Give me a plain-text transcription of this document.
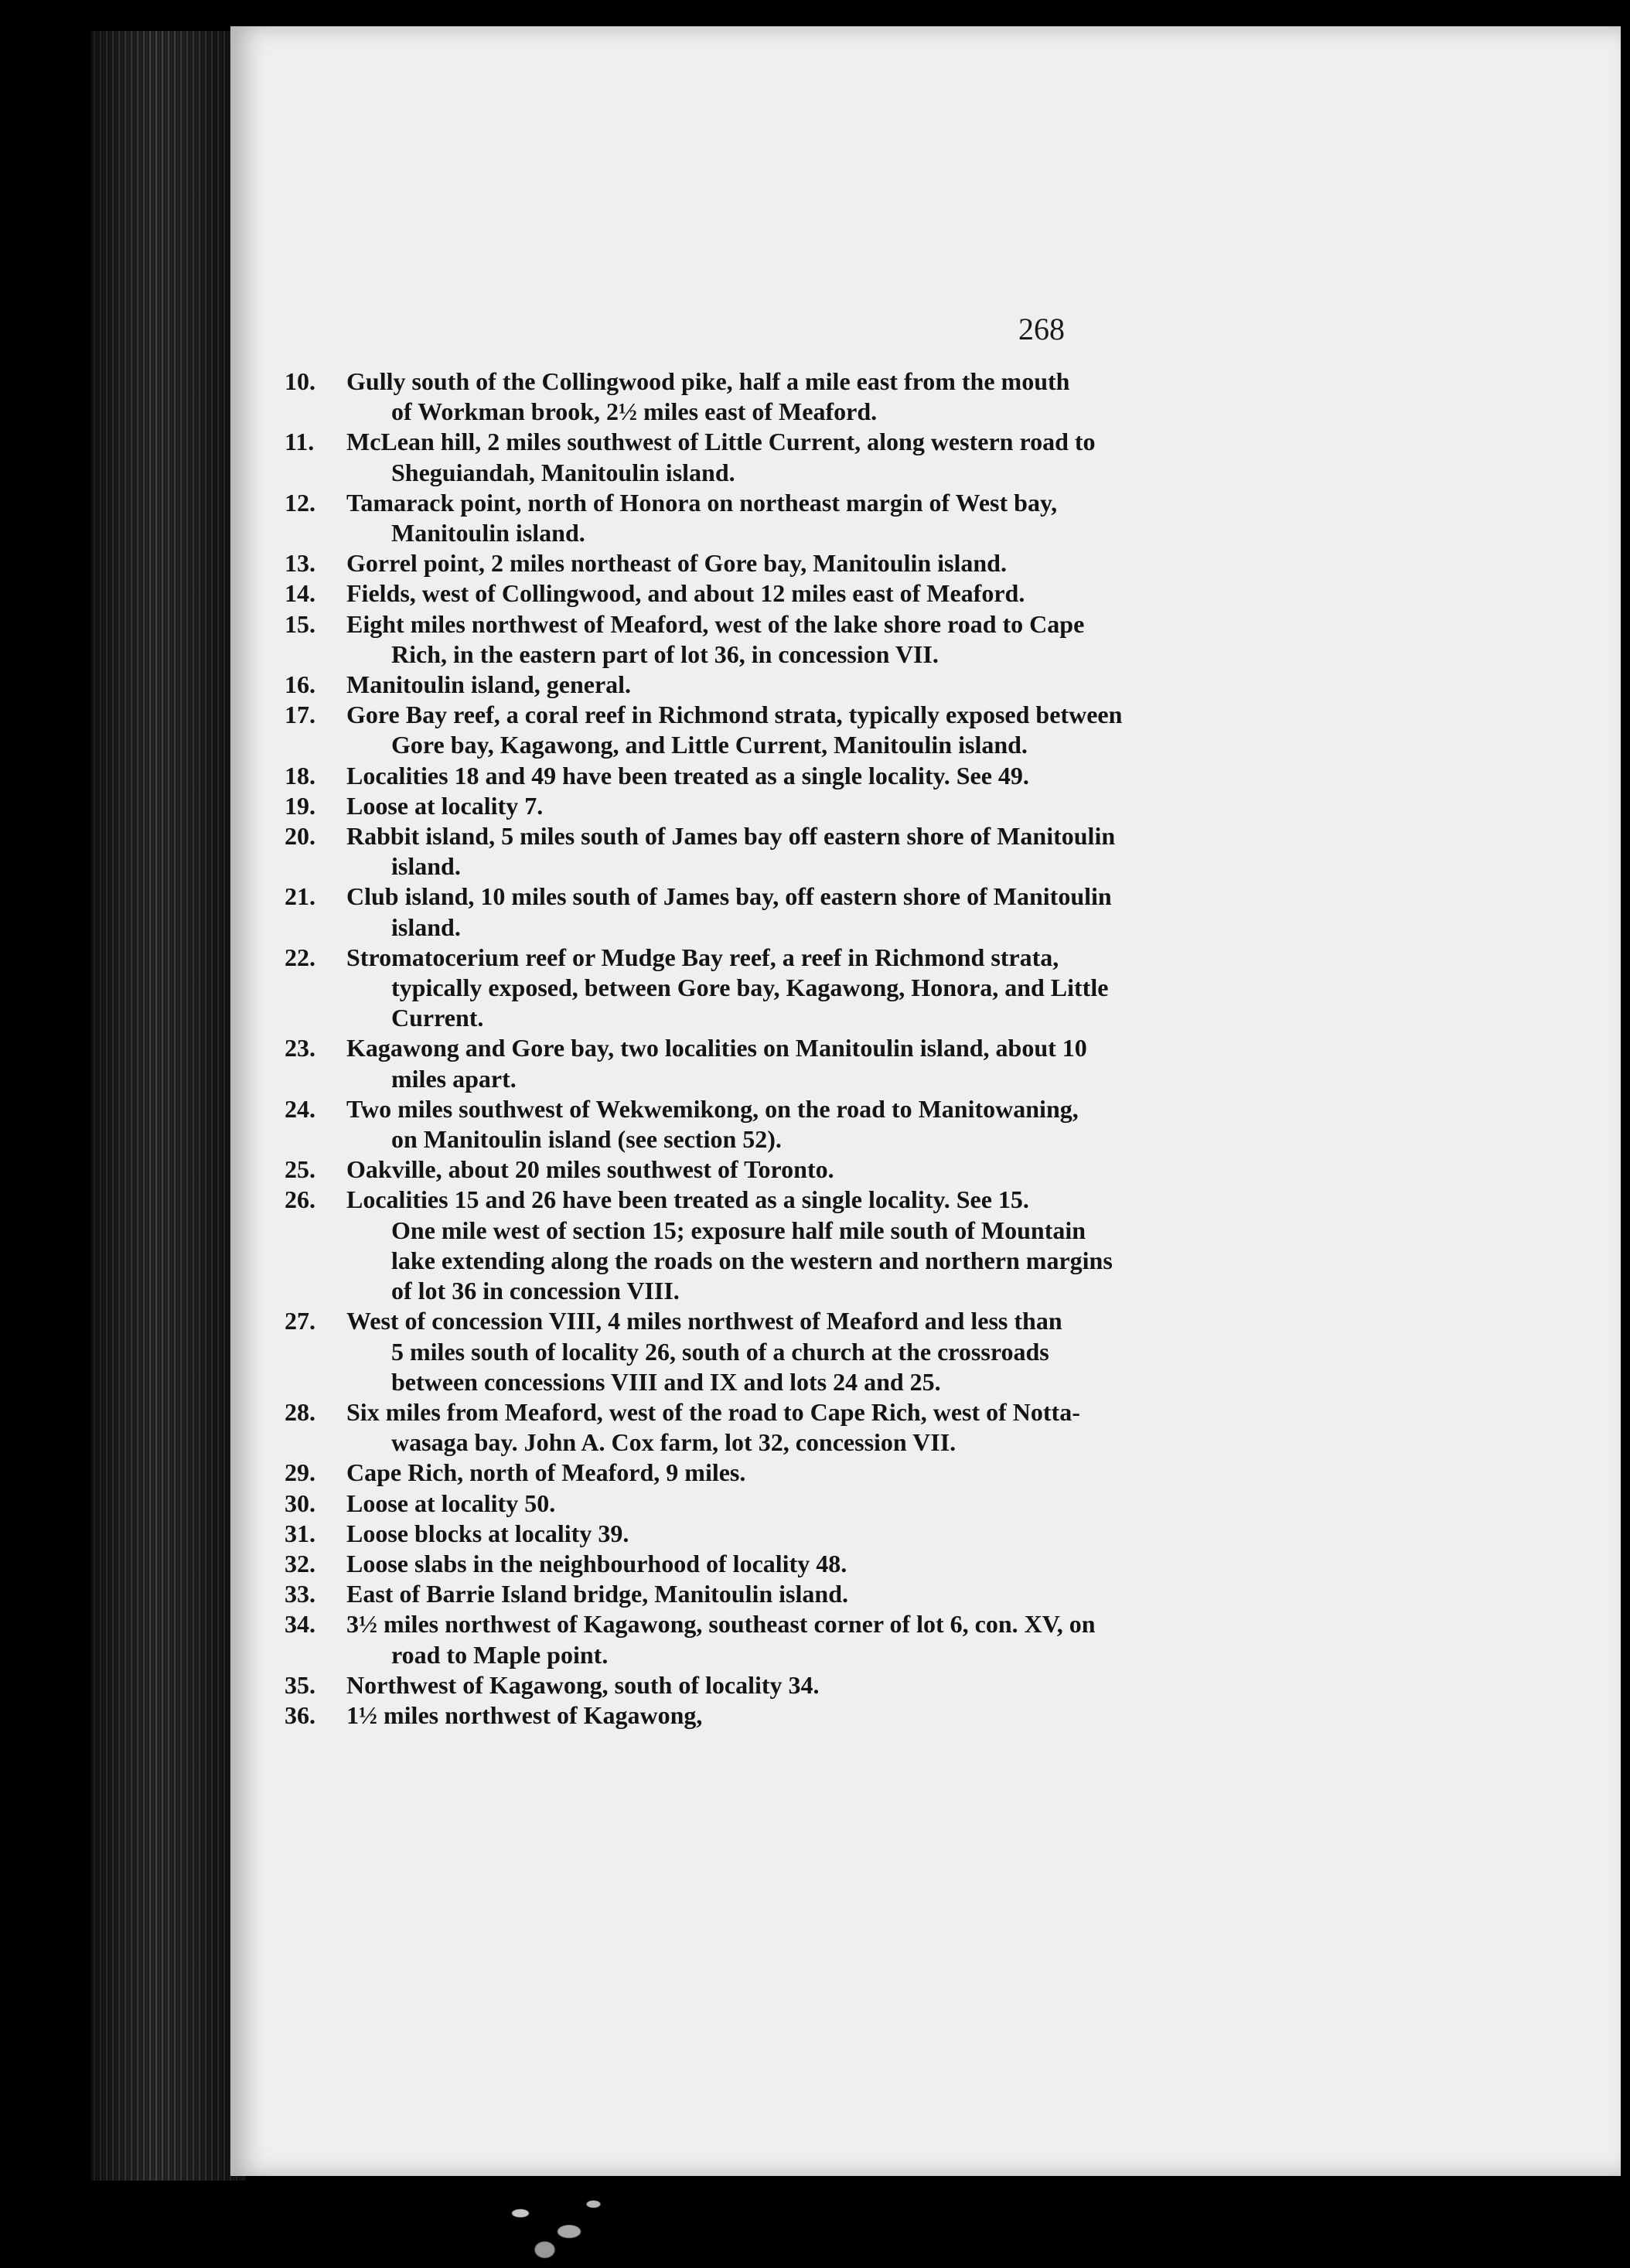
268
10.	Gully south of the Collingwood pike, half a mile east from the mouth
of Workman brook, 2½ miles east of Meaford.
11.	McLean hill, 2 miles southwest of Little Current, along western road to
Sheguiandah, Manitoulin island.
12.	Tamarack point, north of Honora on northeast margin of West bay,
Manitoulin island.
13.	Gorrel point, 2 miles northeast of Gore bay, Manitoulin island.
14.	Fields, west of Collingwood, and about 12 miles east of Meaford.
15.	Eight miles northwest of Meaford, west of the lake shore road to Cape
Rich, in the eastern part of lot 36, in concession VII.
16.	Manitoulin island, general.
17.	Gore Bay reef, a coral reef in Richmond strata, typically exposed between
Gore bay, Kagawong, and Little Current, Manitoulin island.
18.	Localities 18 and 49 have been treated as a single locality. See 49.
19.	Loose at locality 7.
20.	Rabbit island, 5 miles south of James bay off eastern shore of Manitoulin
island.
21.	Club island, 10 miles south of James bay, off eastern shore of Manitoulin
island.
22.	Stromatocerium reef or Mudge Bay reef, a reef in Richmond strata,
typically exposed, between Gore bay, Kagawong, Honora, and Little
Current.
23.	Kagawong and Gore bay, two localities on Manitoulin island, about 10
miles apart.
24.	Two miles southwest of Wekwemikong, on the road to Manitowaning,
on Manitoulin island (see section 52).
25.	Oakville, about 20 miles southwest of Toronto.
26.	Localities 15 and 26 have been treated as a single locality. See 15.
One mile west of section 15; exposure half mile south of Mountain
lake extending along the roads on the western and northern margins
of lot 36 in concession VIII.
27.	West of concession VIII, 4 miles northwest of Meaford and less than
5 miles south of locality 26, south of a church at the crossroads
between concessions VIII and IX and lots 24 and 25.
28.	Six miles from Meaford, west of the road to Cape Rich, west of Notta-
wasaga bay. John A. Cox farm, lot 32, concession VII.
29.	Cape Rich, north of Meaford, 9 miles.
30.	Loose at locality 50.
31.	Loose blocks at locality 39.
32.	Loose slabs in the neighbourhood of locality 48.
33.	East of Barrie Island bridge, Manitoulin island.
34.	3½ miles northwest of Kagawong, southeast corner of lot 6, con. XV, on
road to Maple point.
35.	Northwest of Kagawong, south of locality 34.
36.	1½ miles northwest of Kagawong,
